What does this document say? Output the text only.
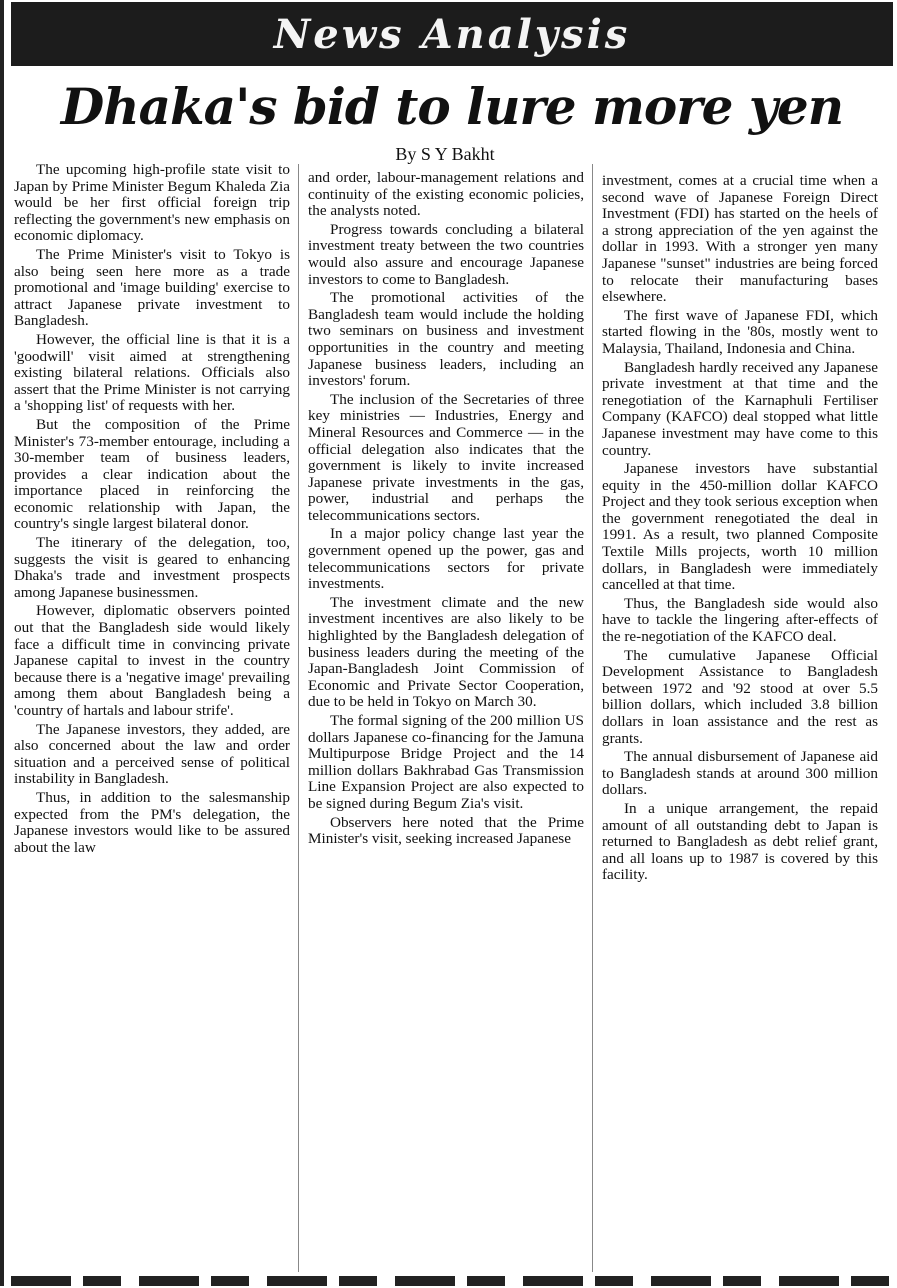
News Analysis
Dhaka's bid to lure more yen
By S Y Bakht

The upcoming high-profile state visit to Japan by Prime Minister Begum Khaleda Zia would be her first official foreign trip reflecting the government's new emphasis on economic diplomacy.

The Prime Minister's visit to Tokyo is also being seen here more as a trade promotional and 'image building' exercise to attract Japanese private investment to Bangladesh.

However, the official line is that it is a 'goodwill' visit aimed at strengthening existing bilateral relations. Officials also assert that the Prime Minister is not carrying a 'shopping list' of requests with her.

But the composition of the Prime Minister's 73-member entourage, including a 30-member team of business leaders, provides a clear indication about the importance placed in reinforcing the economic relationship with Japan, the country's single largest bilateral donor.

The itinerary of the delegation, too, suggests the visit is geared to enhancing Dhaka's trade and investment prospects among Japanese businessmen.

However, diplomatic observers pointed out that the Bangladesh side would likely face a difficult time in convincing private Japanese capital to invest in the country because there is a 'negative image' prevailing among them about Bangladesh being a 'country of hartals and labour strife'.

The Japanese investors, they added, are also concerned about the law and order situation and a perceived sense of political instability in Bangladesh.

Thus, in addition to the salesmanship expected from the PM's delegation, the Japanese investors would like to be assured about the law

and order, labour-management relations and continuity of the existing economic policies, the analysts noted.

Progress towards concluding a bilateral investment treaty between the two countries would also assure and encourage Japanese investors to come to Bangladesh.

The promotional activities of the Bangladesh team would include the holding two seminars on business and investment opportunities in the country and meeting Japanese business leaders, including an investors' forum.

The inclusion of the Secretaries of three key ministries — Industries, Energy and Mineral Resources and Commerce — in the official delegation also indicates that the government is likely to invite increased Japanese private investments in the gas, power, industrial and perhaps the telecommunications sectors.

In a major policy change last year the government opened up the power, gas and telecommunications sectors for private investments.

The investment climate and the new investment incentives are also likely to be highlighted by the Bangladesh delegation of business leaders during the meeting of the Japan-Bangladesh Joint Commission of Economic and Private Sector Cooperation, due to be held in Tokyo on March 30.

The formal signing of the 200 million US dollars Japanese co-financing for the Jamuna Multipurpose Bridge Project and the 14 million dollars Bakhrabad Gas Transmission Line Expansion Project are also expected to be signed during Begum Zia's visit.

Observers here noted that the Prime Minister's visit, seeking increased Japanese

investment, comes at a crucial time when a second wave of Japanese Foreign Direct Investment (FDI) has started on the heels of a strong appreciation of the yen against the dollar in 1993. With a stronger yen many Japanese "sunset" industries are being forced to relocate their manufacturing bases elsewhere.

The first wave of Japanese FDI, which started flowing in the '80s, mostly went to Malaysia, Thailand, Indonesia and China.

Bangladesh hardly received any Japanese private investment at that time and the renegotiation of the Karnaphuli Fertiliser Company (KAFCO) deal stopped what little Japanese investment may have come to this country.

Japanese investors have substantial equity in the 450-million dollar KAFCO Project and they took serious exception when the government renegotiated the deal in 1991. As a result, two planned Composite Textile Mills projects, worth 10 million dollars, in Bangladesh were immediately cancelled at that time.

Thus, the Bangladesh side would also have to tackle the lingering after-effects of the re-negotiation of the KAFCO deal.

The cumulative Japanese Official Development Assistance to Bangladesh between 1972 and '92 stood at over 5.5 billion dollars, which included 3.8 billion dollars in loan assistance and the rest as grants.

The annual disbursement of Japanese aid to Bangladesh stands at around 300 million dollars.

In a unique arrangement, the repaid amount of all outstanding debt to Japan is returned to Bangladesh as debt relief grant, and all loans up to 1987 is covered by this facility.
